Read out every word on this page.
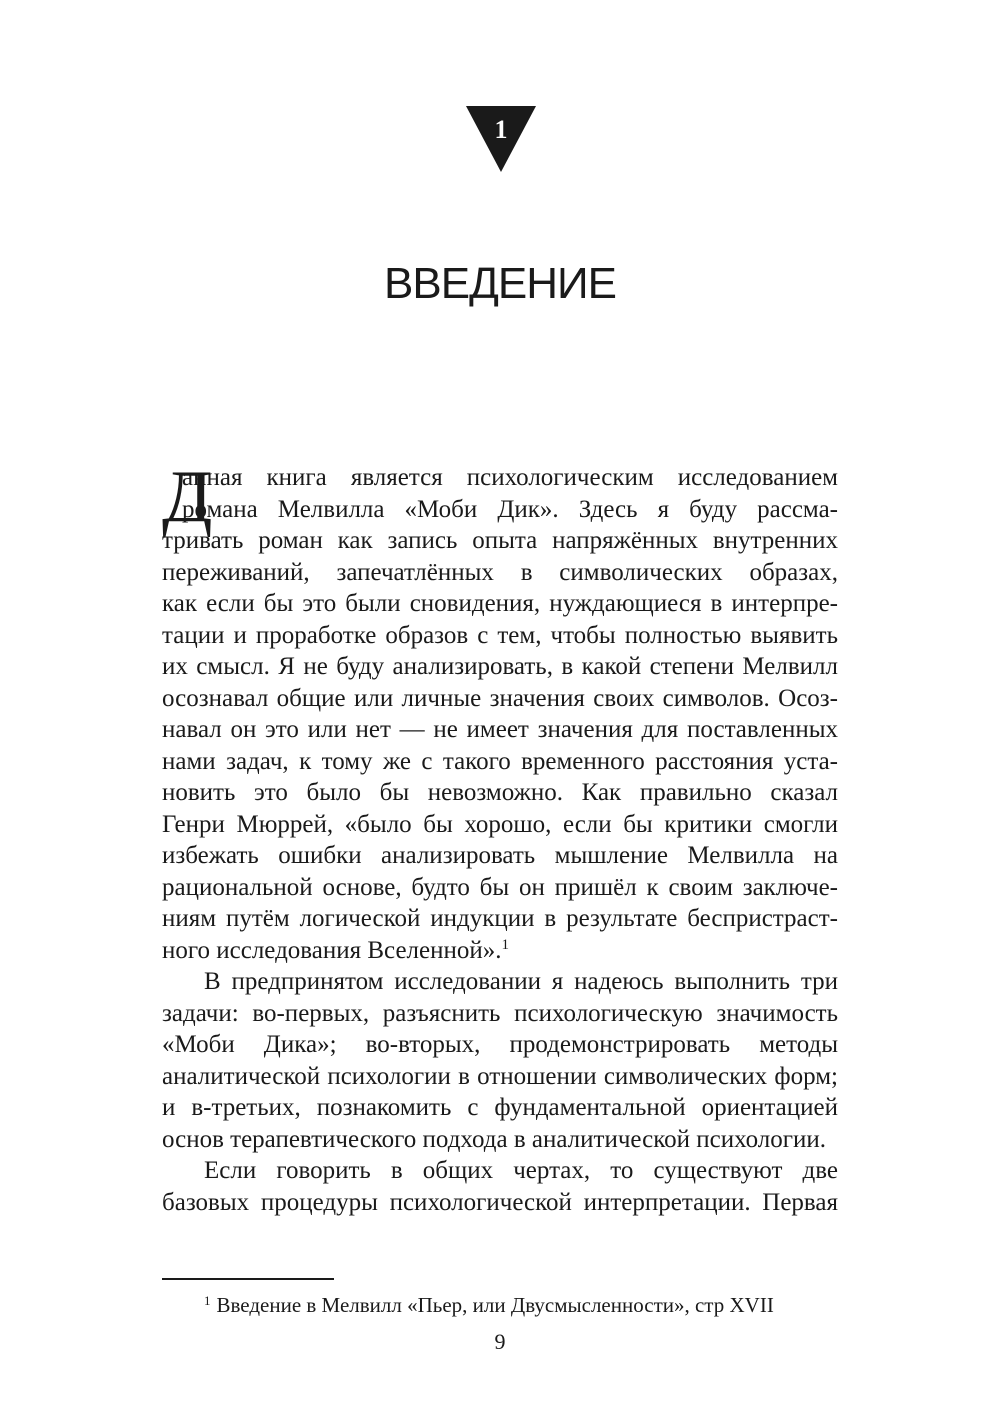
1
ВВЕДЕНИЕ
Д
анная книга является психологическим исследованием
романа Мелвилла «Моби Дик». Здесь я буду рассма-
тривать роман как запись опыта напряжённых внутренних
переживаний, запечатлённых в символических образах,
как если бы это были сновидения, нуждающиеся в интерпре-
тации и проработке образов с тем, чтобы полностью выявить
их смысл. Я не буду анализировать, в какой степени Мелвилл
осознавал общие или личные значения своих символов. Осоз-
навал он это или нет — не имеет значения для поставленных
нами задач, к тому же с такого временного расстояния уста-
новить это было бы невозможно. Как правильно сказал
Генри Мюррей, «было бы хорошо, если бы критики смогли
избежать ошибки анализировать мышление Мелвилла на
рациональной основе, будто бы он пришёл к своим заключе-
ниям путём логической индукции в результате беспристраст-
ного исследования Вселенной».$^1$
В предпринятом исследовании я надеюсь выполнить три
задачи: во-первых, разъяснить психологическую значимость
«Моби Дика»; во-вторых, продемонстрировать методы
аналитической психологии в отношении символических форм;
и в-третьих, познакомить с фундаментальной ориентацией
основ терапевтического подхода в аналитической психологии.
Если говорить в общих чертах, то существуют две
базовых процедуры психологической интерпретации. Первая
$^1$ Введение в Мелвилл «Пьер, или Двусмысленности», стр XVII
9
